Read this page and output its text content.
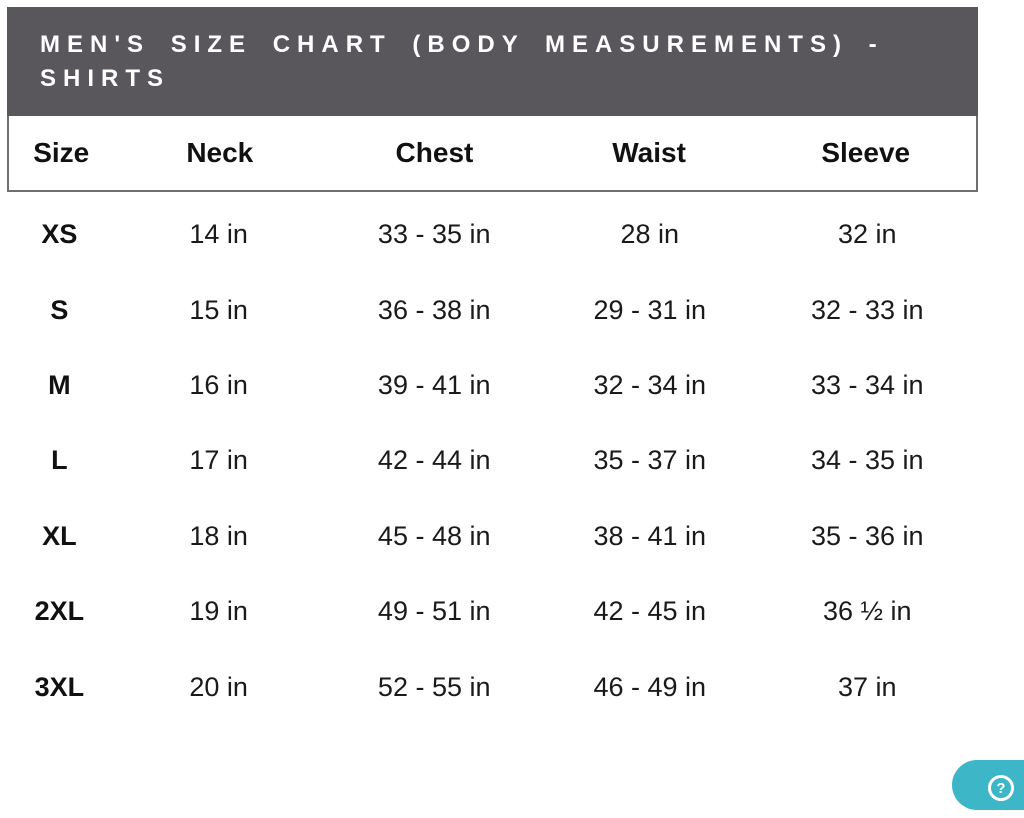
MEN'S SIZE CHART (BODY MEASUREMENTS) -
SHIRTS
Size	Neck	Chest	Waist	Sleeve
XS	14 in	33 - 35 in	28 in	32 in
S	15 in	36 - 38 in	29 - 31 in	32 - 33 in
M	16 in	39 - 41 in	32 - 34 in	33 - 34 in
L	17 in	42 - 44 in	35 - 37 in	34 - 35 in
XL	18 in	45 - 48 in	38 - 41 in	35 - 36 in
2XL	19 in	49 - 51 in	42 - 45 in	36 ½ in
3XL	20 in	52 - 55 in	46 - 49 in	37 in
?
